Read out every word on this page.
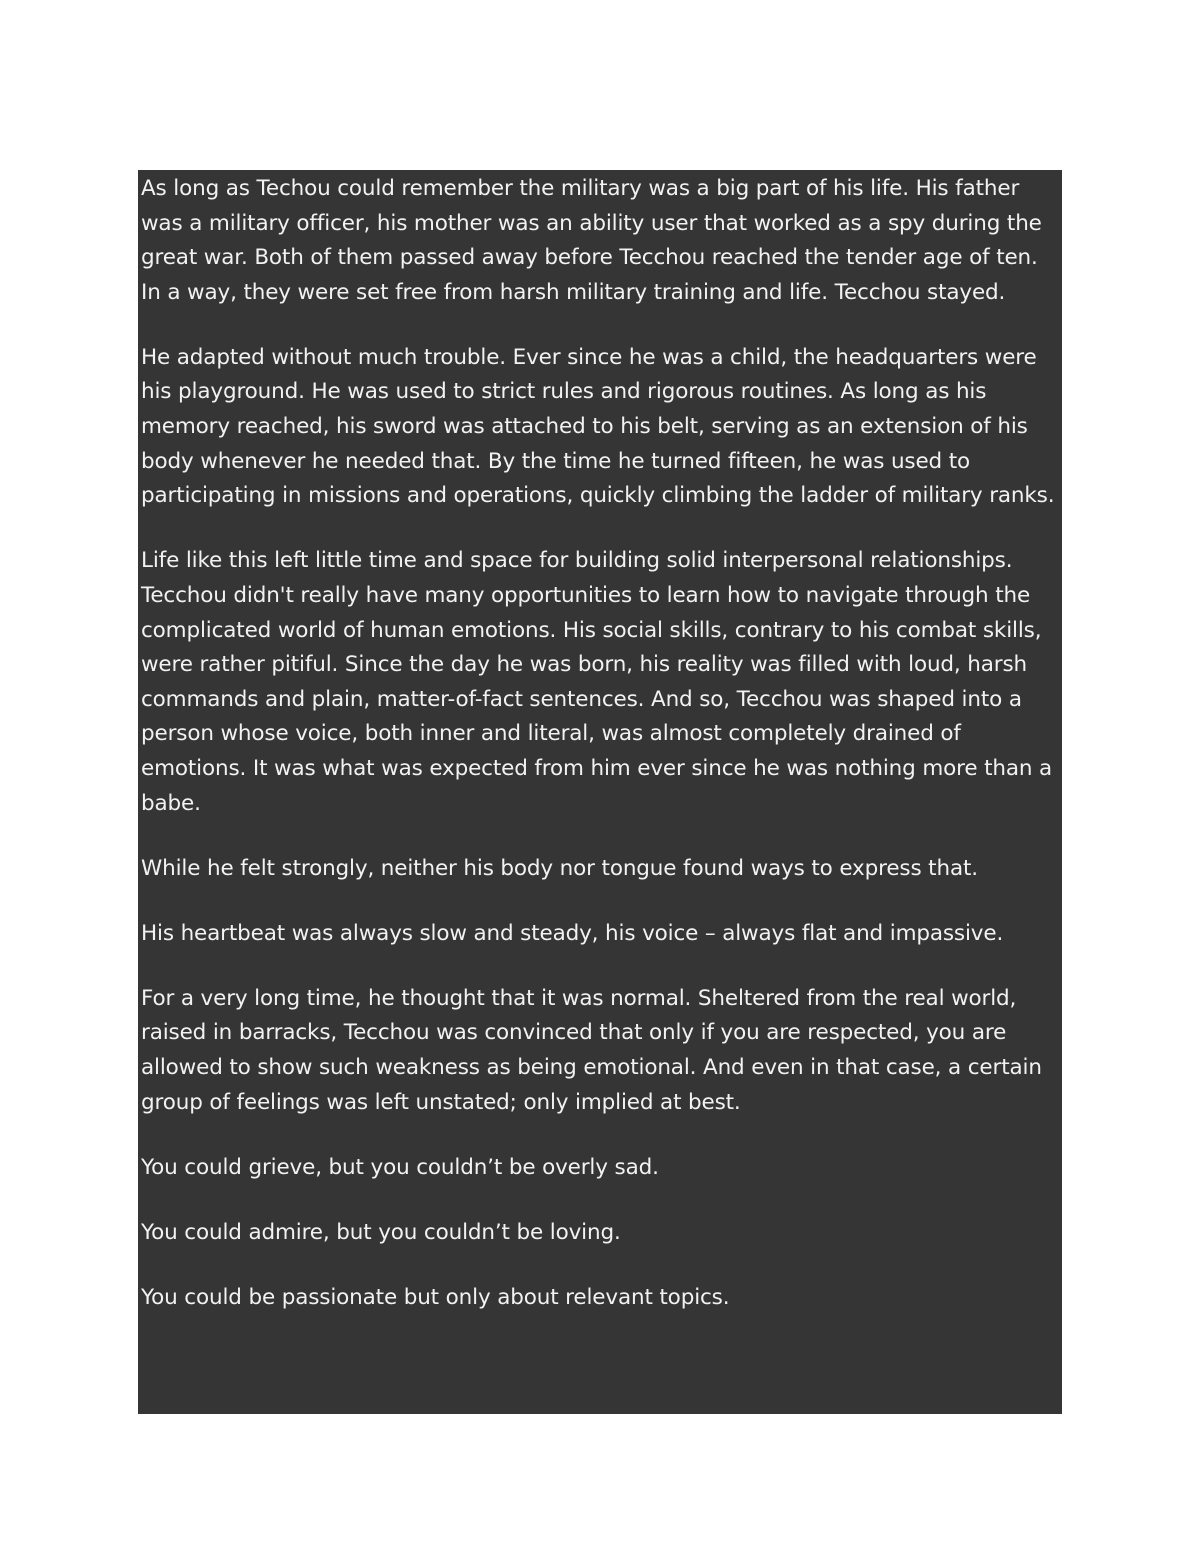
As long as Techou could remember the military was a big part of his life. His father was a military officer, his mother was an ability user that worked as a spy during the great war. Both of them passed away before Tecchou reached the tender age of ten. In a way, they were set free from harsh military training and life. Tecchou stayed.

He adapted without much trouble. Ever since he was a child, the headquarters were his playground. He was used to strict rules and rigorous routines. As long as his memory reached, his sword was attached to his belt, serving as an extension of his body whenever he needed that. By the time he turned fifteen, he was used to participating in missions and operations, quickly climbing the ladder of military ranks.

Life like this left little time and space for building solid interpersonal relationships. Tecchou didn't really have many opportunities to learn how to navigate through the complicated world of human emotions. His social skills, contrary to his combat skills, were rather pitiful. Since the day he was born, his reality was filled with loud, harsh commands and plain, matter-of-fact sentences. And so, Tecchou was shaped into a person whose voice, both inner and literal, was almost completely drained of emotions. It was what was expected from him ever since he was nothing more than a babe.

While he felt strongly, neither his body nor tongue found ways to express that.

His heartbeat was always slow and steady, his voice – always flat and impassive.

For a very long time, he thought that it was normal. Sheltered from the real world, raised in barracks, Tecchou was convinced that only if you are respected, you are allowed to show such weakness as being emotional. And even in that case, a certain group of feelings was left unstated; only implied at best.

You could grieve, but you couldn’t be overly sad.

You could admire, but you couldn’t be loving.

You could be passionate but only about relevant topics.
